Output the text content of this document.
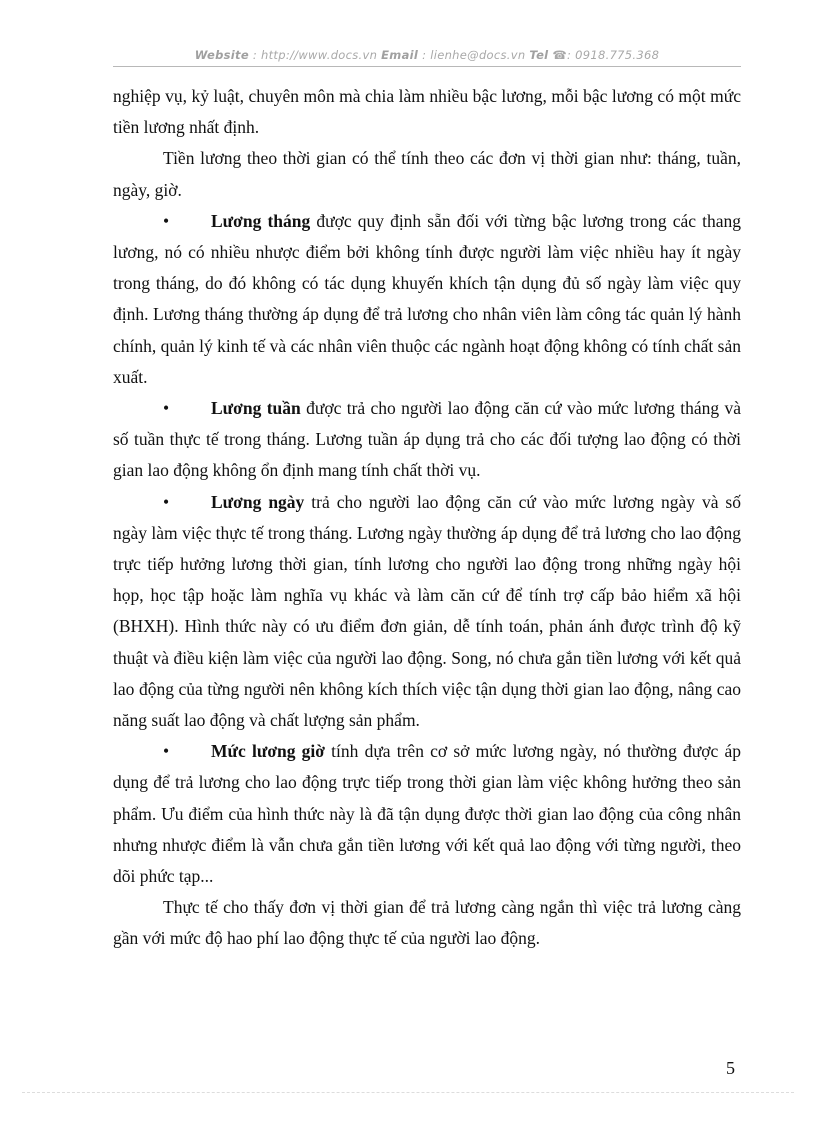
Website : http://www.docs.vn Email : lienhe@docs.vn Tel ☎: 0918.775.368

nghiệp vụ, kỷ luật, chuyên môn mà chia làm nhiều bậc lương, mỗi bậc lương có một mức tiền lương nhất định.

Tiền lương theo thời gian có thể tính theo các đơn vị thời gian như: tháng, tuần, ngày, giờ.

• Lương tháng được quy định sẵn đối với từng bậc lương trong các thang lương, nó có nhiều nhược điểm bởi không tính được người làm việc nhiều hay ít ngày trong tháng, do đó không có tác dụng khuyến khích tận dụng đủ số ngày làm việc quy định. Lương tháng thường áp dụng để trả lương cho nhân viên làm công tác quản lý hành chính, quản lý kinh tế và các nhân viên thuộc các ngành hoạt động không có tính chất sản xuất.

• Lương tuần được trả cho người lao động căn cứ vào mức lương tháng và số tuần thực tế trong tháng. Lương tuần áp dụng trả cho các đối tượng lao động có thời gian lao động không ổn định mang tính chất thời vụ.

• Lương ngày trả cho người lao động căn cứ vào mức lương ngày và số ngày làm việc thực tế trong tháng. Lương ngày thường áp dụng để trả lương cho lao động trực tiếp hưởng lương thời gian, tính lương cho người lao động trong những ngày hội họp, học tập hoặc làm nghĩa vụ khác và làm căn cứ để tính trợ cấp bảo hiểm xã hội (BHXH). Hình thức này có ưu điểm đơn giản, dễ tính toán, phản ánh được trình độ kỹ thuật và điều kiện làm việc của người lao động. Song, nó chưa gắn tiền lương với kết quả lao động của từng người nên không kích thích việc tận dụng thời gian lao động, nâng cao năng suất lao động và chất lượng sản phẩm.

• Mức lương giờ tính dựa trên cơ sở mức lương ngày, nó thường được áp dụng để trả lương cho lao động trực tiếp trong thời gian làm việc không hưởng theo sản phẩm. Ưu điểm của hình thức này là đã tận dụng được thời gian lao động của công nhân nhưng nhược điểm là vẫn chưa gắn tiền lương với kết quả lao động với từng người, theo dõi phức tạp...

Thực tế cho thấy đơn vị thời gian để trả lương càng ngắn thì việc trả lương càng gần với mức độ hao phí lao động thực tế của người lao động.

5
